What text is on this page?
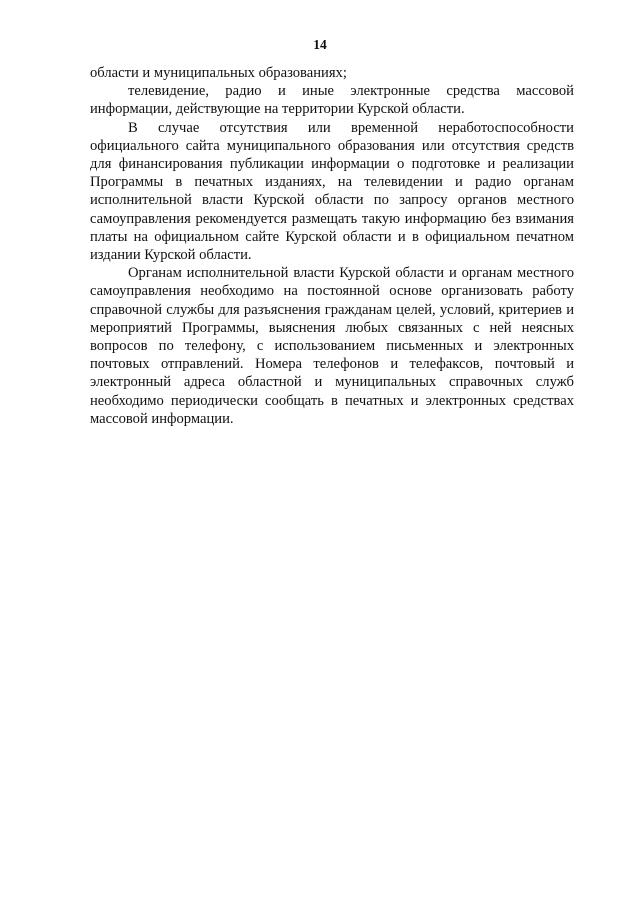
14

области и муниципальных образованиях;

телевидение, радио и иные электронные средства массовой информации, действующие на территории Курской области.

В случае отсутствия или временной неработоспособности официального сайта муниципального образования или отсутствия средств для финансирования публикации информации о подготовке и реализации Программы в печатных изданиях, на телевидении и радио органам исполнительной власти Курской области по запросу органов местного самоуправления рекомендуется размещать такую информацию без взимания платы на официальном сайте Курской области и в официальном печатном издании Курской области.

Органам исполнительной власти Курской области и органам местного самоуправления необходимо на постоянной основе организовать работу справочной службы для разъяснения гражданам целей, условий, критериев и мероприятий Программы, выяснения любых связанных с ней неясных вопросов по телефону, с использованием письменных и электронных почтовых отправлений. Номера телефонов и телефаксов, почтовый и электронный адреса областной и муниципальных справочных служб необходимо периодически сообщать в печатных и электронных средствах массовой информации.
